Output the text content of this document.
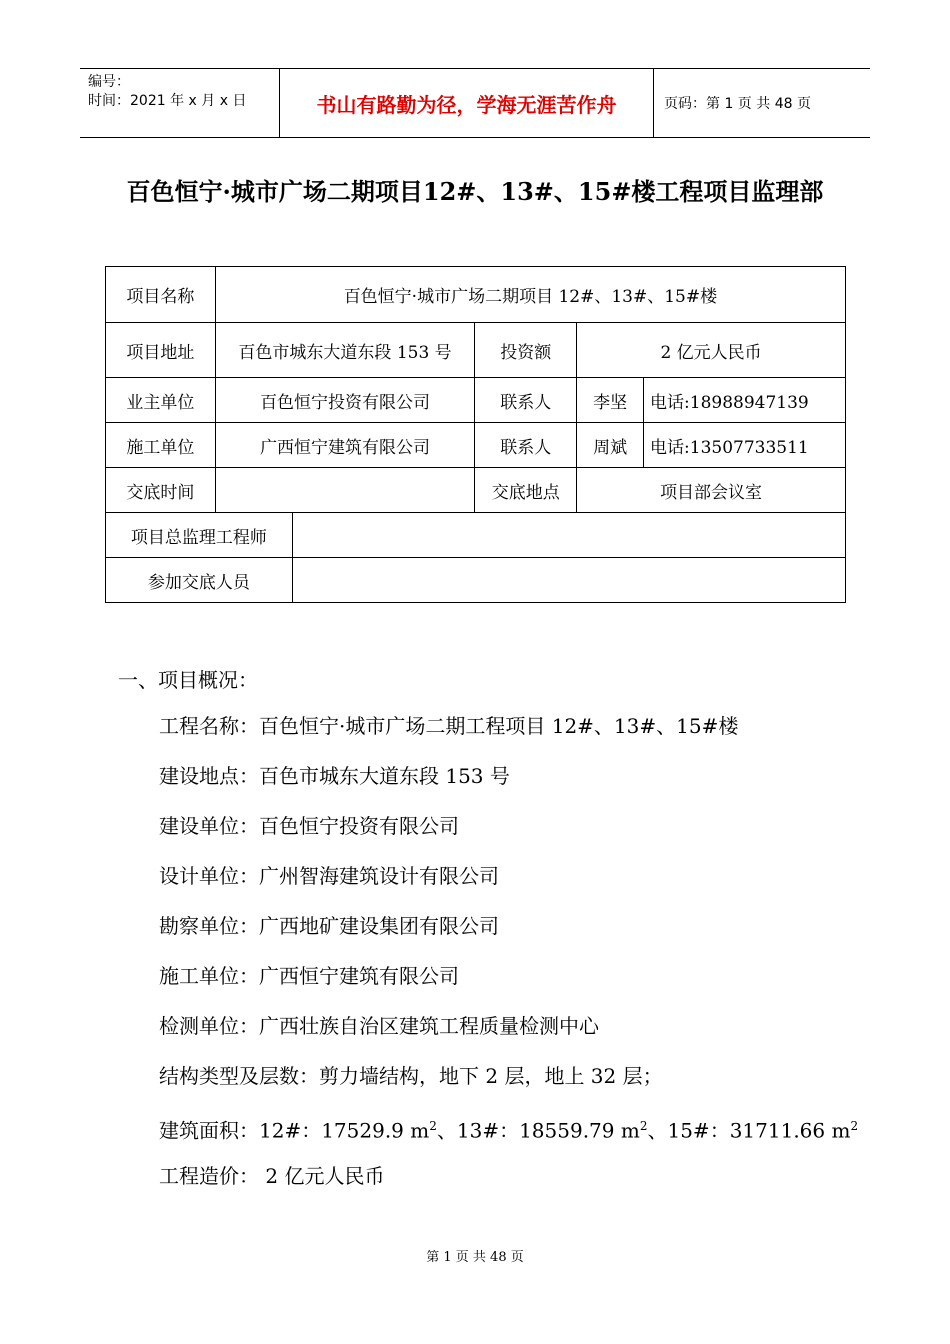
编号：
时间：2021 年 x 月 x 日	书山有路勤为径，学海无涯苦作舟	页码：第 1 页 共 48 页
百色恒宁·城市广场二期项目12#、13#、15#楼工程项目监理部
项目名称	百色恒宁·城市广场二期项目 12#、13#、15#楼				
项目地址	百色市城东大道东段 153 号		投资额	2 亿元人民币	
业主单位	百色恒宁投资有限公司		联系人	李坚	电话:18988947139
施工单位	广西恒宁建筑有限公司		联系人	周斌	电话:13507733511
交底时间			交底地点	项目部会议室	
项目总监理工程师					
参加交底人员					
一、项目概况：
工程名称：百色恒宁·城市广场二期工程项目 12#、13#、15#楼
建设地点：百色市城东大道东段 153 号
建设单位：百色恒宁投资有限公司
设计单位：广州智海建筑设计有限公司
勘察单位：广西地矿建设集团有限公司
施工单位：广西恒宁建筑有限公司
检测单位：广西壮族自治区建筑工程质量检测中心
结构类型及层数：剪力墙结构，地下 2 层，地上 32 层；
建筑面积：12#：17529.9 $m^2$、13#：18559.79 $m^2$、15#：31711.66 $m^2$
工程造价： 2 亿元人民币
第 1 页 共 48 页
